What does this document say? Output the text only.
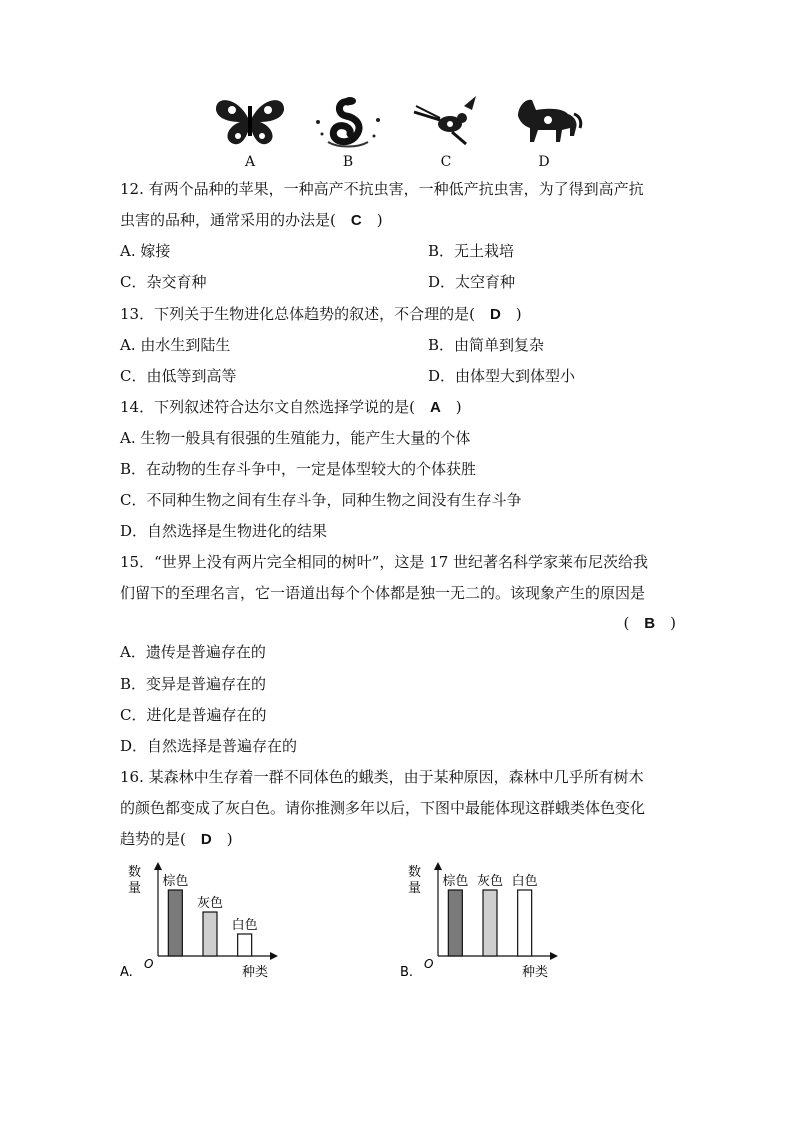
A	B	C	D
12. 有两个品种的苹果，一种高产不抗虫害，一种低产抗虫害，为了得到高产抗
虫害的品种，通常采用的办法是(　C　)
A. 嫁接	B．无土栽培
C．杂交育种	D．太空育种
13．下列关于生物进化总体趋势的叙述，不合理的是(　D　)
A. 由水生到陆生	B．由简单到复杂
C．由低等到高等	D．由体型大到体型小
14．下列叙述符合达尔文自然选择学说的是(　A　)
A. 生物一般具有很强的生殖能力，能产生大量的个体
B．在动物的生存斗争中，一定是体型较大的个体获胜
C．不同种生物之间有生存斗争，同种生物之间没有生存斗争
D．自然选择是生物进化的结果
15．“世界上没有两片完全相同的树叶”，这是 17 世纪著名科学家莱布尼茨给我
们留下的至理名言，它一语道出每个个体都是独一无二的。该现象产生的原因是
(　B　)
A．遗传是普遍存在的
B．变异是普遍存在的
C．进化是普遍存在的
D．自然选择是普遍存在的
16. 某森林中生存着一群不同体色的蛾类，由于某种原因，森林中几乎所有树木
的颜色都变成了灰白色。请你推测多年以后，下图中最能体现这群蛾类体色变化
趋势的是(　D　)
A.
数
量
O
种类
棕色
灰色
白色
B.
数
量
O
种类
棕色 灰色 白色
